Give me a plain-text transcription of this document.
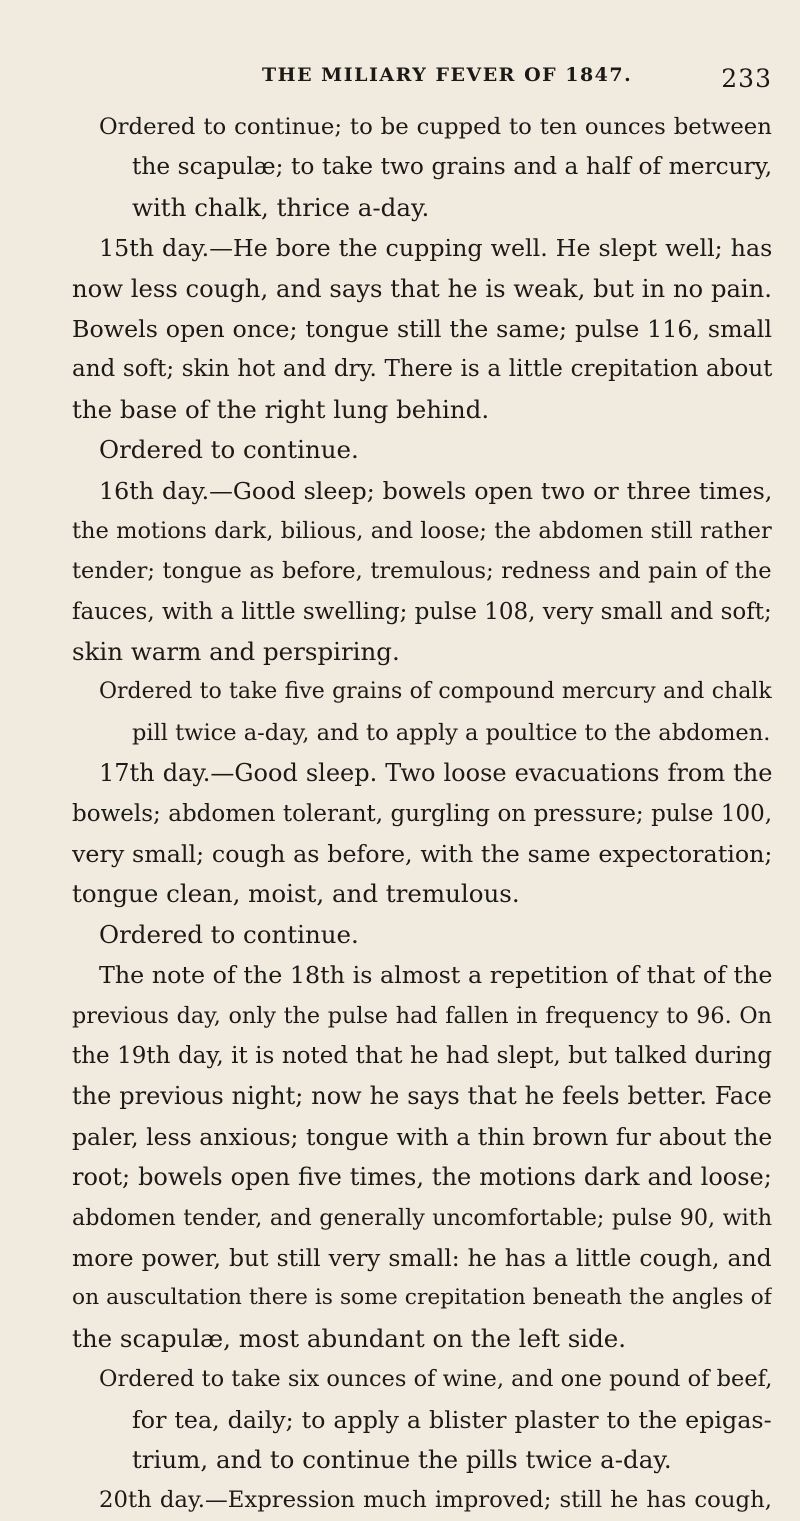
THE MILIARY FEVER OF 1847.	233
Ordered to continue; to be cupped to ten ounces between
the scapulæ; to take two grains and a half of mercury,
with chalk, thrice a-day.
15th day.—He bore the cupping well. He slept well; has
now less cough, and says that he is weak, but in no pain.
Bowels open once; tongue still the same; pulse 116, small
and soft; skin hot and dry. There is a little crepitation about
the base of the right lung behind.
Ordered to continue.
16th day.—Good sleep; bowels open two or three times,
the motions dark, bilious, and loose; the abdomen still rather
tender; tongue as before, tremulous; redness and pain of the
fauces, with a little swelling; pulse 108, very small and soft;
skin warm and perspiring.
Ordered to take five grains of compound mercury and chalk
pill twice a-day, and to apply a poultice to the abdomen.
17th day.—Good sleep. Two loose evacuations from the
bowels; abdomen tolerant, gurgling on pressure; pulse 100,
very small; cough as before, with the same expectoration;
tongue clean, moist, and tremulous.
Ordered to continue.
The note of the 18th is almost a repetition of that of the
previous day, only the pulse had fallen in frequency to 96. On
the 19th day, it is noted that he had slept, but talked during
the previous night; now he says that he feels better. Face
paler, less anxious; tongue with a thin brown fur about the
root; bowels open five times, the motions dark and loose;
abdomen tender, and generally uncomfortable; pulse 90, with
more power, but still very small: he has a little cough, and
on auscultation there is some crepitation beneath the angles of
the scapulæ, most abundant on the left side.
Ordered to take six ounces of wine, and one pound of beef,
for tea, daily; to apply a blister plaster to the epigas-
trium, and to continue the pills twice a-day.
20th day.—Expression much improved; still he has cough,
